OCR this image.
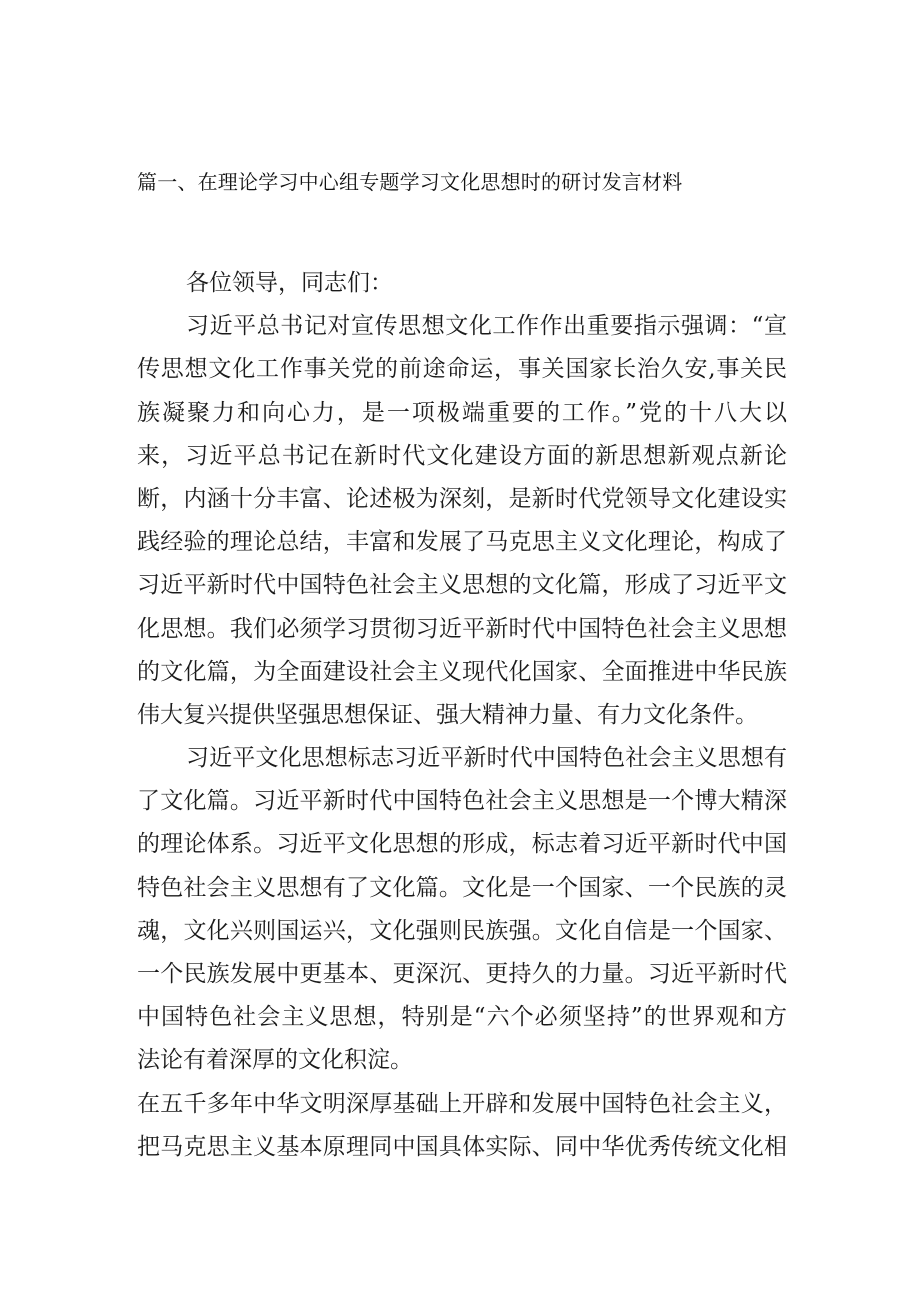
篇一、在理论学习中心组专题学习文化思想时的研讨发言材料
各位领导，同志们：
习近平总书记对宣传思想文化工作作出重要指示强调：“宣
传思想文化工作事关党的前途命运，事关国家长治久安,事关民
族凝聚力和向心力，是一项极端重要的工作。”党的十八大以
来，习近平总书记在新时代文化建设方面的新思想新观点新论
断，内涵十分丰富、论述极为深刻，是新时代党领导文化建设实
践经验的理论总结，丰富和发展了马克思主义文化理论，构成了
习近平新时代中国特色社会主义思想的文化篇，形成了习近平文
化思想。我们必须学习贯彻习近平新时代中国特色社会主义思想
的文化篇，为全面建设社会主义现代化国家、全面推进中华民族
伟大复兴提供坚强思想保证、强大精神力量、有力文化条件。
习近平文化思想标志习近平新时代中国特色社会主义思想有
了文化篇。习近平新时代中国特色社会主义思想是一个博大精深
的理论体系。习近平文化思想的形成，标志着习近平新时代中国
特色社会主义思想有了文化篇。文化是一个国家、一个民族的灵
魂，文化兴则国运兴，文化强则民族强。文化自信是一个国家、
一个民族发展中更基本、更深沉、更持久的力量。习近平新时代
中国特色社会主义思想，特别是“六个必须坚持”的世界观和方
法论有着深厚的文化积淀。
在五千多年中华文明深厚基础上开辟和发展中国特色社会主义，
把马克思主义基本原理同中国具体实际、同中华优秀传统文化相
